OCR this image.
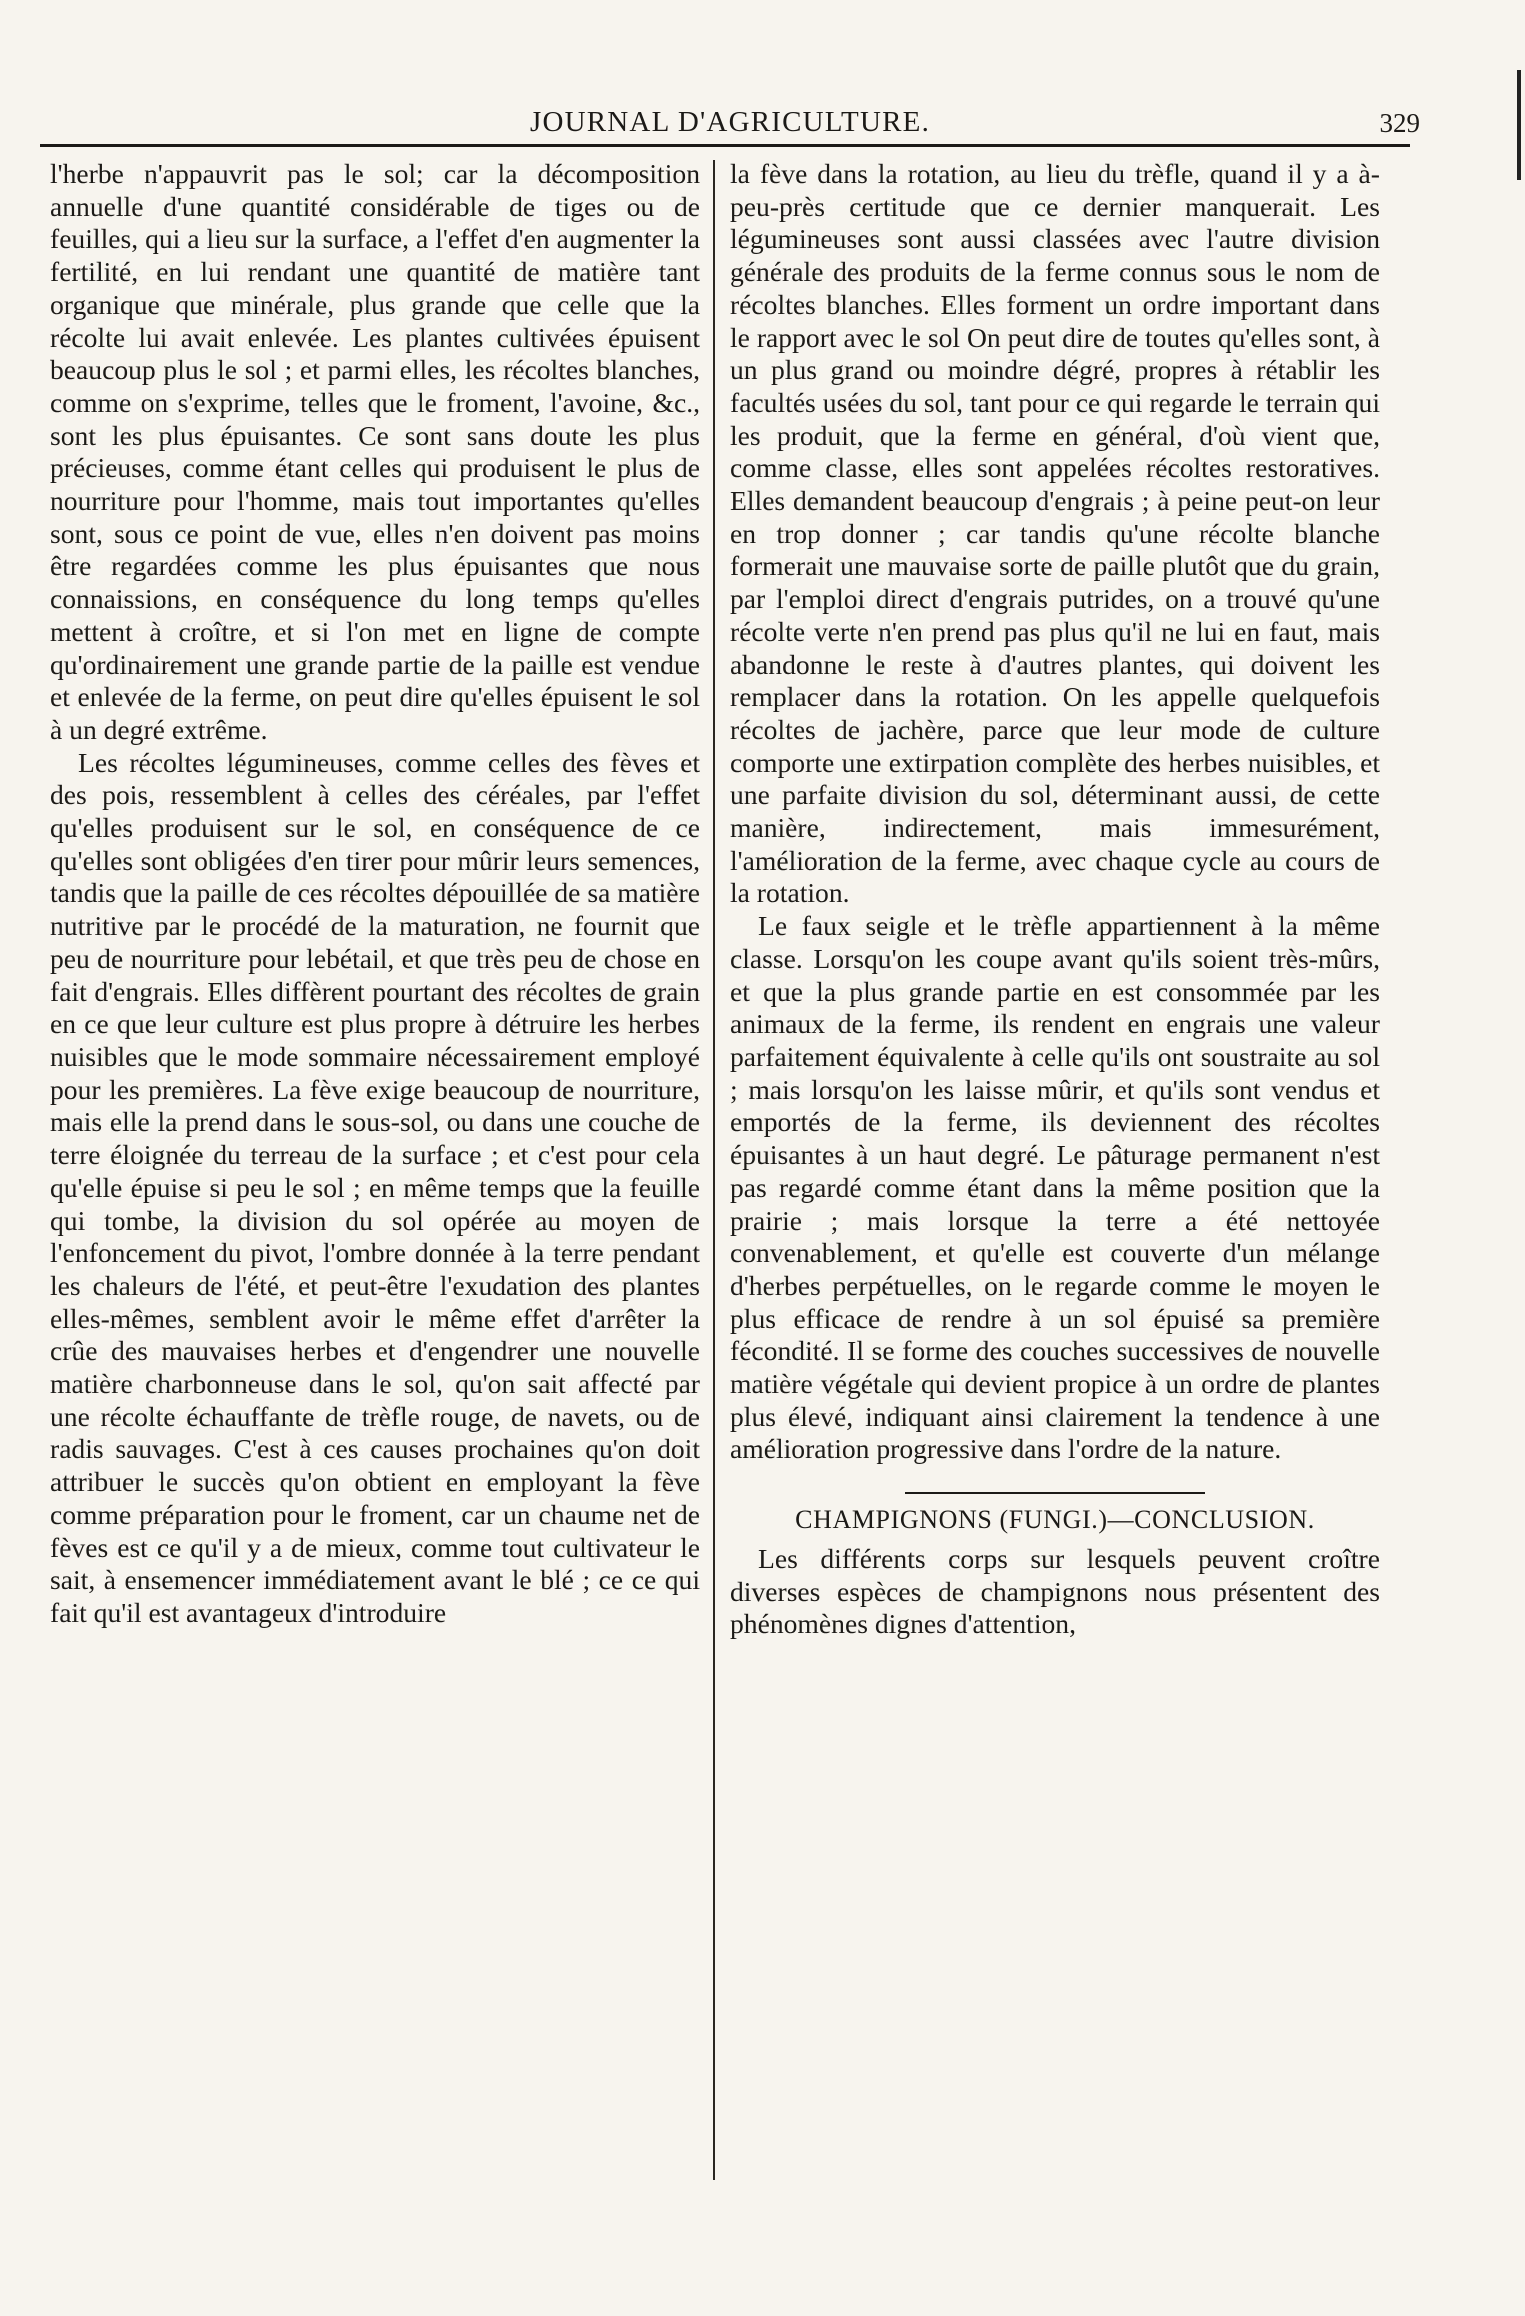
JOURNAL D'AGRICULTURE.	329

l'herbe n'appauvrit pas le sol; car la décomposition annuelle d'une quantité considérable de tiges ou de feuilles, qui a lieu sur la surface, a l'effet d'en augmenter la fertilité, en lui rendant une quantité de matière tant organique que minérale, plus grande que celle que la récolte lui avait enlevée. Les plantes cultivées épuisent beaucoup plus le sol ; et parmi elles, les récoltes blanches, comme on s'exprime, telles que le froment, l'avoine, &c., sont les plus épuisantes. Ce sont sans doute les plus précieuses, comme étant celles qui produisent le plus de nourriture pour l'homme, mais tout importantes qu'elles sont, sous ce point de vue, elles n'en doivent pas moins être regardées comme les plus épuisantes que nous connaissions, en conséquence du long temps qu'elles mettent à croître, et si l'on met en ligne de compte qu'ordinairement une grande partie de la paille est vendue et enlevée de la ferme, on peut dire qu'elles épuisent le sol à un degré extrême.

Les récoltes légumineuses, comme celles des fèves et des pois, ressemblent à celles des céréales, par l'effet qu'elles produisent sur le sol, en conséquence de ce qu'elles sont obligées d'en tirer pour mûrir leurs semences, tandis que la paille de ces récoltes dépouillée de sa matière nutritive par le procédé de la maturation, ne fournit que peu de nourriture pour lebétail, et que très peu de chose en fait d'engrais. Elles diffèrent pourtant des récoltes de grain en ce que leur culture est plus propre à détruire les herbes nuisibles que le mode sommaire nécessairement employé pour les premières. La fève exige beaucoup de nourriture, mais elle la prend dans le sous-sol, ou dans une couche de terre éloignée du terreau de la surface ; et c'est pour cela qu'elle épuise si peu le sol ; en même temps que la feuille qui tombe, la division du sol opérée au moyen de l'enfoncement du pivot, l'ombre donnée à la terre pendant les chaleurs de l'été, et peut-être l'exudation des plantes elles-mêmes, semblent avoir le même effet d'arrêter la crûe des mauvaises herbes et d'engendrer une nouvelle matière charbonneuse dans le sol, qu'on sait affecté par une récolte échauffante de trèfle rouge, de navets, ou de radis sauvages. C'est à ces causes prochaines qu'on doit attribuer le succès qu'on obtient en employant la fève comme préparation pour le froment, car un chaume net de fèves est ce qu'il y a de mieux, comme tout cultivateur le sait, à ensemencer immédiatement avant le blé ; ce ce qui fait qu'il est avantageux d'introduire

la fève dans la rotation, au lieu du trèfle, quand il y a à-peu-près certitude que ce dernier manquerait. Les légumineuses sont aussi classées avec l'autre division générale des produits de la ferme connus sous le nom de récoltes blanches. Elles forment un ordre important dans le rapport avec le sol On peut dire de toutes qu'elles sont, à un plus grand ou moindre dégré, propres à rétablir les facultés usées du sol, tant pour ce qui regarde le terrain qui les produit, que la ferme en général, d'où vient que, comme classe, elles sont appelées récoltes restoratives. Elles demandent beaucoup d'engrais ; à peine peut-on leur en trop donner ; car tandis qu'une récolte blanche formerait une mauvaise sorte de paille plutôt que du grain, par l'emploi direct d'engrais putrides, on a trouvé qu'une récolte verte n'en prend pas plus qu'il ne lui en faut, mais abandonne le reste à d'autres plantes, qui doivent les remplacer dans la rotation. On les appelle quelquefois récoltes de jachère, parce que leur mode de culture comporte une extirpation complète des herbes nuisibles, et une parfaite division du sol, déterminant aussi, de cette manière, indirectement, mais immesurément, l'amélioration de la ferme, avec chaque cycle au cours de la rotation.

Le faux seigle et le trèfle appartiennent à la même classe. Lorsqu'on les coupe avant qu'ils soient très-mûrs, et que la plus grande partie en est consommée par les animaux de la ferme, ils rendent en engrais une valeur parfaitement équivalente à celle qu'ils ont soustraite au sol ; mais lorsqu'on les laisse mûrir, et qu'ils sont vendus et emportés de la ferme, ils deviennent des récoltes épuisantes à un haut degré. Le pâturage permanent n'est pas regardé comme étant dans la même position que la prairie ; mais lorsque la terre a été nettoyée convenablement, et qu'elle est couverte d'un mélange d'herbes perpétuelles, on le regarde comme le moyen le plus efficace de rendre à un sol épuisé sa première fécondité. Il se forme des couches successives de nouvelle matière végétale qui devient propice à un ordre de plantes plus élevé, indiquant ainsi clairement la tendence à une amélioration progressive dans l'ordre de la nature.

CHAMPIGNONS (FUNGI.)—CONCLUSION.

Les différents corps sur lesquels peuvent croître diverses espèces de champignons nous présentent des phénomènes dignes d'attention,
